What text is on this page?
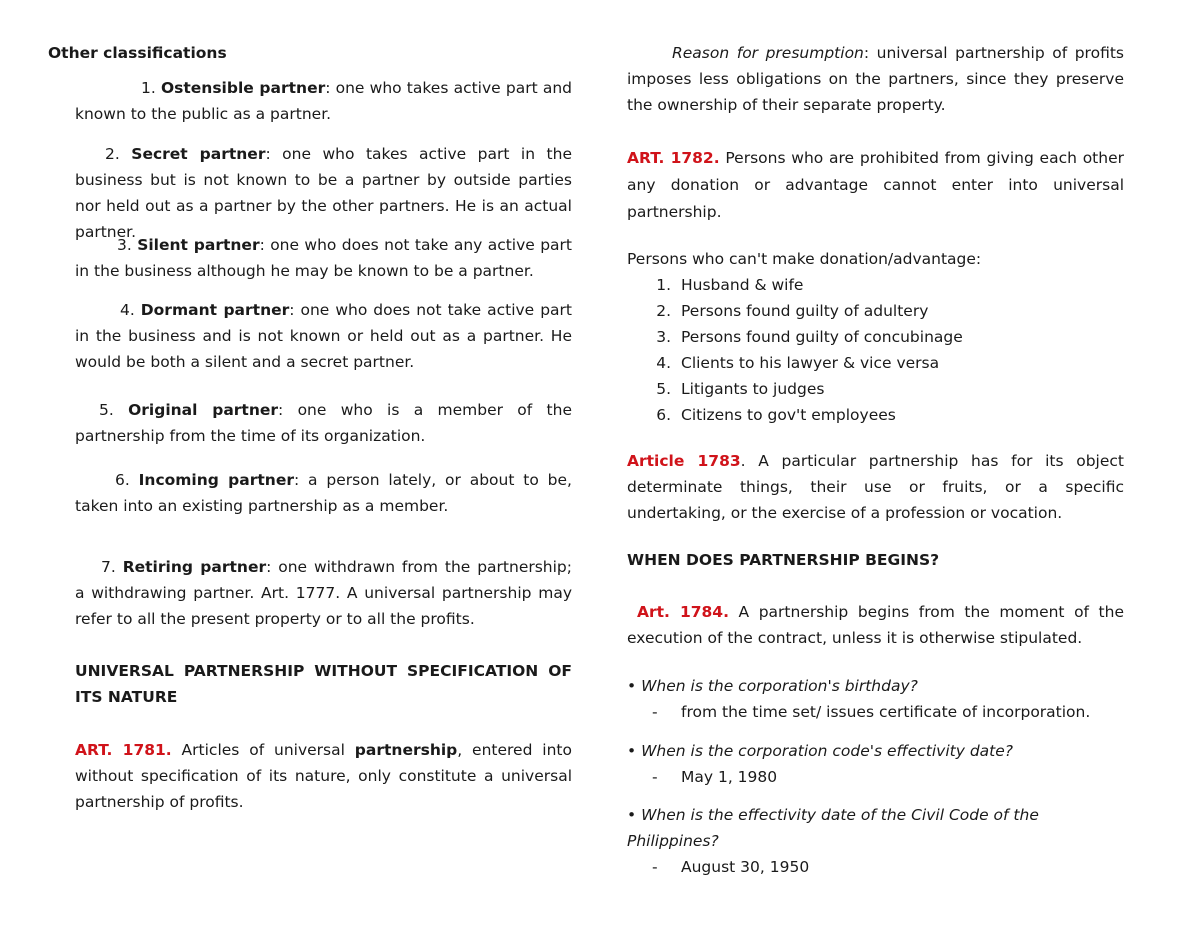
Other classifications
1. Ostensible partner: one who takes active part and known to the public as a partner.
2. Secret partner: one who takes active part in the business but is not known to be a partner by outside parties nor held out as a partner by the other partners. He is an actual partner.
3. Silent partner: one who does not take any active part in the business although he may be known to be a partner.
4. Dormant partner: one who does not take active part in the business and is not known or held out as a partner. He would be both a silent and a secret partner.
5. Original partner: one who is a member of the partnership from the time of its organization.
6. Incoming partner: a person lately, or about to be, taken into an existing partnership as a member.
7. Retiring partner: one withdrawn from the partnership; a withdrawing partner. Art. 1777. A universal partnership may refer to all the present property or to all the profits.
UNIVERSAL PARTNERSHIP WITHOUT SPECIFICATION OF ITS NATURE
ART. 1781. Articles of universal partnership, entered into without specification of its nature, only constitute a universal partnership of profits.
Reason for presumption: universal partnership of profits imposes less obligations on the partners, since they preserve the ownership of their separate property.
ART. 1782. Persons who are prohibited from giving each other any donation or advantage cannot enter into universal partnership.
Persons who can't make donation/advantage:
1. Husband & wife
2. Persons found guilty of adultery
3. Persons found guilty of concubinage
4. Clients to his lawyer & vice versa
5. Litigants to judges
6. Citizens to gov't employees
Article 1783. A particular partnership has for its object determinate things, their use or fruits, or a specific undertaking, or the exercise of a profession or vocation.
WHEN DOES PARTNERSHIP BEGINS?
Art. 1784. A partnership begins from the moment of the execution of the contract, unless it is otherwise stipulated.
• When is the corporation's birthday?
-	from the time set/ issues certificate of incorporation.
• When is the corporation code's effectivity date?
-	May 1, 1980
• When is the effectivity date of the Civil Code of the Philippines?
-	August 30, 1950
